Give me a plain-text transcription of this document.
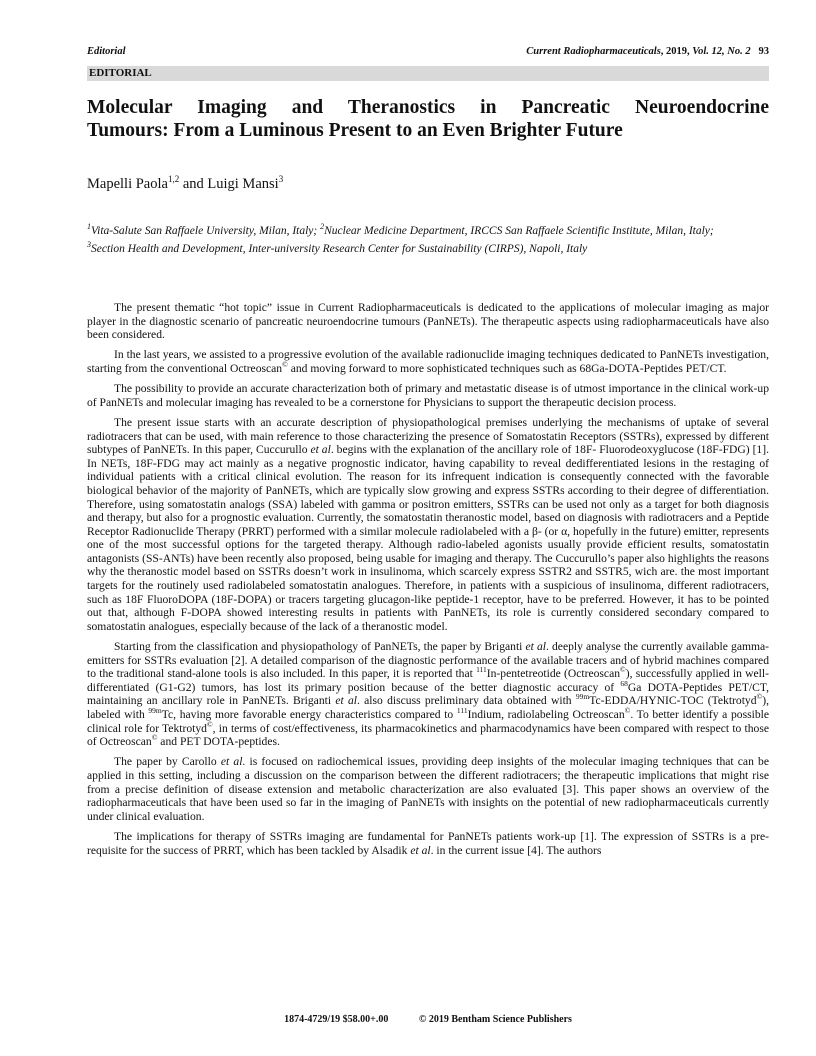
Editorial	Current Radiopharmaceuticals, 2019, Vol. 12, No. 2 93
EDITORIAL
Molecular Imaging and Theranostics in Pancreatic Neuroendocrine
Tumours: From a Luminous Present to an Even Brighter Future
Mapelli Paola$^{1,2}$ and Luigi Mansi$^3$
$^1$Vita-Salute San Raffaele University, Milan, Italy; $^2$Nuclear Medicine Department, IRCCS San Raffaele Scientific Institute, Milan, Italy; $^3$Section Health and Development, Inter-university Research Center for Sustainability (CIRPS), Napoli, Italy

The present thematic “hot topic” issue in Current Radiopharmaceuticals is dedicated to the applications of molecular imaging as major player in the diagnostic scenario of pancreatic neuroendocrine tumours (PanNETs). The therapeutic aspects using radiopharmaceuticals have also been considered.

In the last years, we assisted to a progressive evolution of the available radionuclide imaging techniques dedicated to PanNETs investigation, starting from the conventional Octreoscan© and moving forward to more sophisticated techniques such as 68Ga-DOTA-Peptides PET/CT.

The possibility to provide an accurate characterization both of primary and metastatic disease is of utmost importance in the clinical work-up of PanNETs and molecular imaging has revealed to be a cornerstone for Physicians to support the therapeutic decision process.

The present issue starts with an accurate description of physiopathological premises underlying the mechanisms of uptake of several radiotracers that can be used, with main reference to those characterizing the presence of Somatostatin Receptors (SSTRs), expressed by different subtypes of PanNETs. In this paper, Cuccurullo et al. begins with the explanation of the ancillary role of 18F- Fluorodeoxyglucose (18F-FDG) [1]. In NETs, 18F-FDG may act mainly as a negative prognostic indicator, having capability to reveal dedifferentiated lesions in the restaging of individual patients with a critical clinical evolution. The reason for its infrequent indication is consequently connected with the favorable biological behavior of the majority of PanNETs, which are typically slow growing and express SSTRs according to their degree of differentiation. Therefore, using somatostatin analogs (SSA) labeled with gamma or positron emitters, SSTRs can be used not only as a target for both diagnosis and therapy, but also for a prognostic evaluation. Currently, the somatostatin theranostic model, based on diagnosis with radiotracers and a Peptide Receptor Radionuclide Therapy (PRRT) performed with a similar molecule radiolabeled with a β- (or α, hopefully in the future) emitter, represents one of the most successful options for the targeted therapy. Although radio-labeled agonists usually provide efficient results, somatostatin antagonists (SS-ANTs) have been recently also proposed, being usable for imaging and therapy. The Cuccurullo’s paper also highlights the reasons why the theranostic model based on SSTRs doesn’t work in insulinoma, which scarcely express SSTR2 and SSTR5, wich are. the most important targets for the routinely used radiolabeled somatostatin analogues. Therefore, in patients with a suspicious of insulinoma, different radiotracers, such as 18F FluoroDOPA (18F-DOPA) or tracers targeting glucagon-like peptide-1 receptor, have to be preferred. However, it has to be pointed out that, although F-DOPA showed interesting results in patients with PanNETs, its role is currently considered secondary compared to somatostatin analogues, especially because of the lack of a theranostic model.

Starting from the classification and physiopathology of PanNETs, the paper by Briganti et al. deeply analyse the currently available gamma-emitters for SSTRs evaluation [2]. A detailed comparison of the diagnostic performance of the available tracers and of hybrid machines compared to the traditional stand-alone tools is also included. In this paper, it is reported that $^{111}$In-pentetreotide (Octreoscan©), successfully applied in well-differentiated (G1-G2) tumors, has lost its primary position because of the better diagnostic accuracy of $^{68}$Ga DOTA-Peptides PET/CT, maintaining an ancillary role in PanNETs. Briganti et al. also discuss preliminary data obtained with $^{99m}$Tc-EDDA/HYNIC-TOC (Tektrotyd©), labeled with $^{99m}$Tc, having more favorable energy characteristics compared to $^{111}$Indium, radiolabeling Octreoscan©. To better identify a possible clinical role for Tektrotyd©, in terms of cost/effectiveness, its pharmacokinetics and pharmacodynamics have been compared with respect to those of Octreoscan© and PET DOTA-peptides.

The paper by Carollo et al. is focused on radiochemical issues, providing deep insights of the molecular imaging techniques that can be applied in this setting, including a discussion on the comparison between the different radiotracers; the therapeutic implications that might rise from a precise definition of disease extension and metabolic characterization are also evaluated [3]. This paper shows an overview of the radiopharmaceuticals that have been used so far in the imaging of PanNETs with insights on the potential of new radiopharmaceuticals currently under clinical evaluation.

The implications for therapy of SSTRs imaging are fundamental for PanNETs patients work-up [1]. The expression of SSTRs is a pre-requisite for the success of PRRT, which has been tackled by Alsadik et al. in the current issue [4]. The authors

1874-4729/19 $58.00+.00	© 2019 Bentham Science Publishers
